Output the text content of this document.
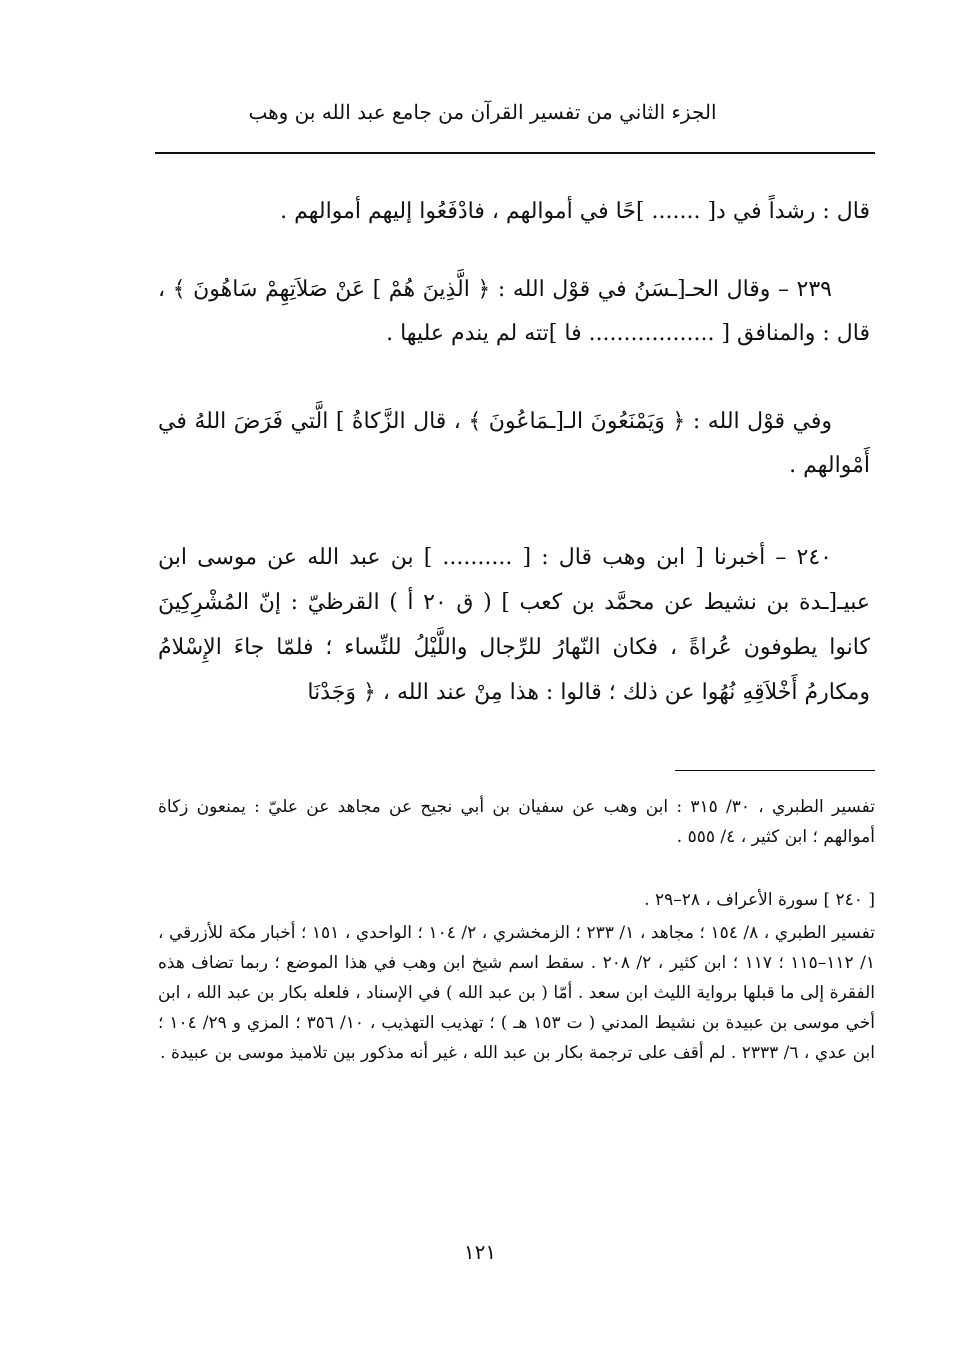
الجزء الثاني من تفسير القرآن من جامع عبد الله بن وهب

قال : رشداً في د[ ....... ]حًا في أموالهم ، فادْفَعُوا إليهم أموالهم .

٢٣٩ – وقال الحـ[ـسَنُ في قوْل الله : ﴿ الَّذِينَ هُمْ ] عَنْ صَلاَتِهِمْ سَاهُونَ ﴾ ، قال : والمنافق [ .................. فا ]تته لم يندم عليها .

وفي قوْل الله : ﴿ وَيَمْنَعُونَ الـ[ـمَاعُونَ ﴾ ، قال الزَّكاةُ ] الَّتي فَرَضَ اللهُ في أَمْوالهم .

٢٤٠ – أخبرنا [ ابن وهب قال : [ .......... ] بن عبد الله عن موسى ابن عبيـ[ـدة بن نشيط عن محمَّد بن كعب ] ( ق ٢٠ أ ) القرظيّ : إنّ المُشْرِكِينَ كانوا يطوفون عُراةً ، فكان النّهارُ للرِّجال واللَّيْلُ للنِّساء ؛ فلمّا جاءَ الإِسْلامُ ومكارمُ أَخْلاَقِهِ نُهُوا عن ذلك ؛ قالوا : هذا مِنْ عند الله ، ﴿ وَجَدْنَا

تفسير الطبري ، ٣٠/ ٣١٥ : ابن وهب عن سفيان بن أبي نجيح عن مجاهد عن عليّ : يمنعون زكاة أموالهم ؛ ابن كثير ، ٤/ ٥٥٥ .

[ ٢٤٠ ] سورة الأعراف ، ٢٨–٢٩ .

تفسير الطبري ، ٨/ ١٥٤ ؛ مجاهد ، ١/ ٢٣٣ ؛ الزمخشري ، ٢/ ١٠٤ ؛ الواحدي ، ١٥١ ؛ أخبار مكة للأزرقي ، ١/ ١١٢–١١٥ ؛ ١١٧ ؛ ابن كثير ، ٢/ ٢٠٨ . سقط اسم شيخ ابن وهب في هذا الموضع ؛ ربما تضاف هذه الفقرة إلى ما قبلها برواية الليث ابن سعد . أمّا ( بن عبد الله ) في الإسناد ، فلعله بكار بن عبد الله ، ابن أخي موسى بن عبيدة بن نشيط المدني ( ت ١٥٣ هـ ) ؛ تهذيب التهذيب ، ١٠/ ٣٥٦ ؛ المزي و ٢٩/ ١٠٤ ؛ ابن عدي ، ٦/ ٢٣٣٣ . لم أقف على ترجمة بكار بن عبد الله ، غير أنه مذكور بين تلاميذ موسى بن عبيدة .

١٢١
